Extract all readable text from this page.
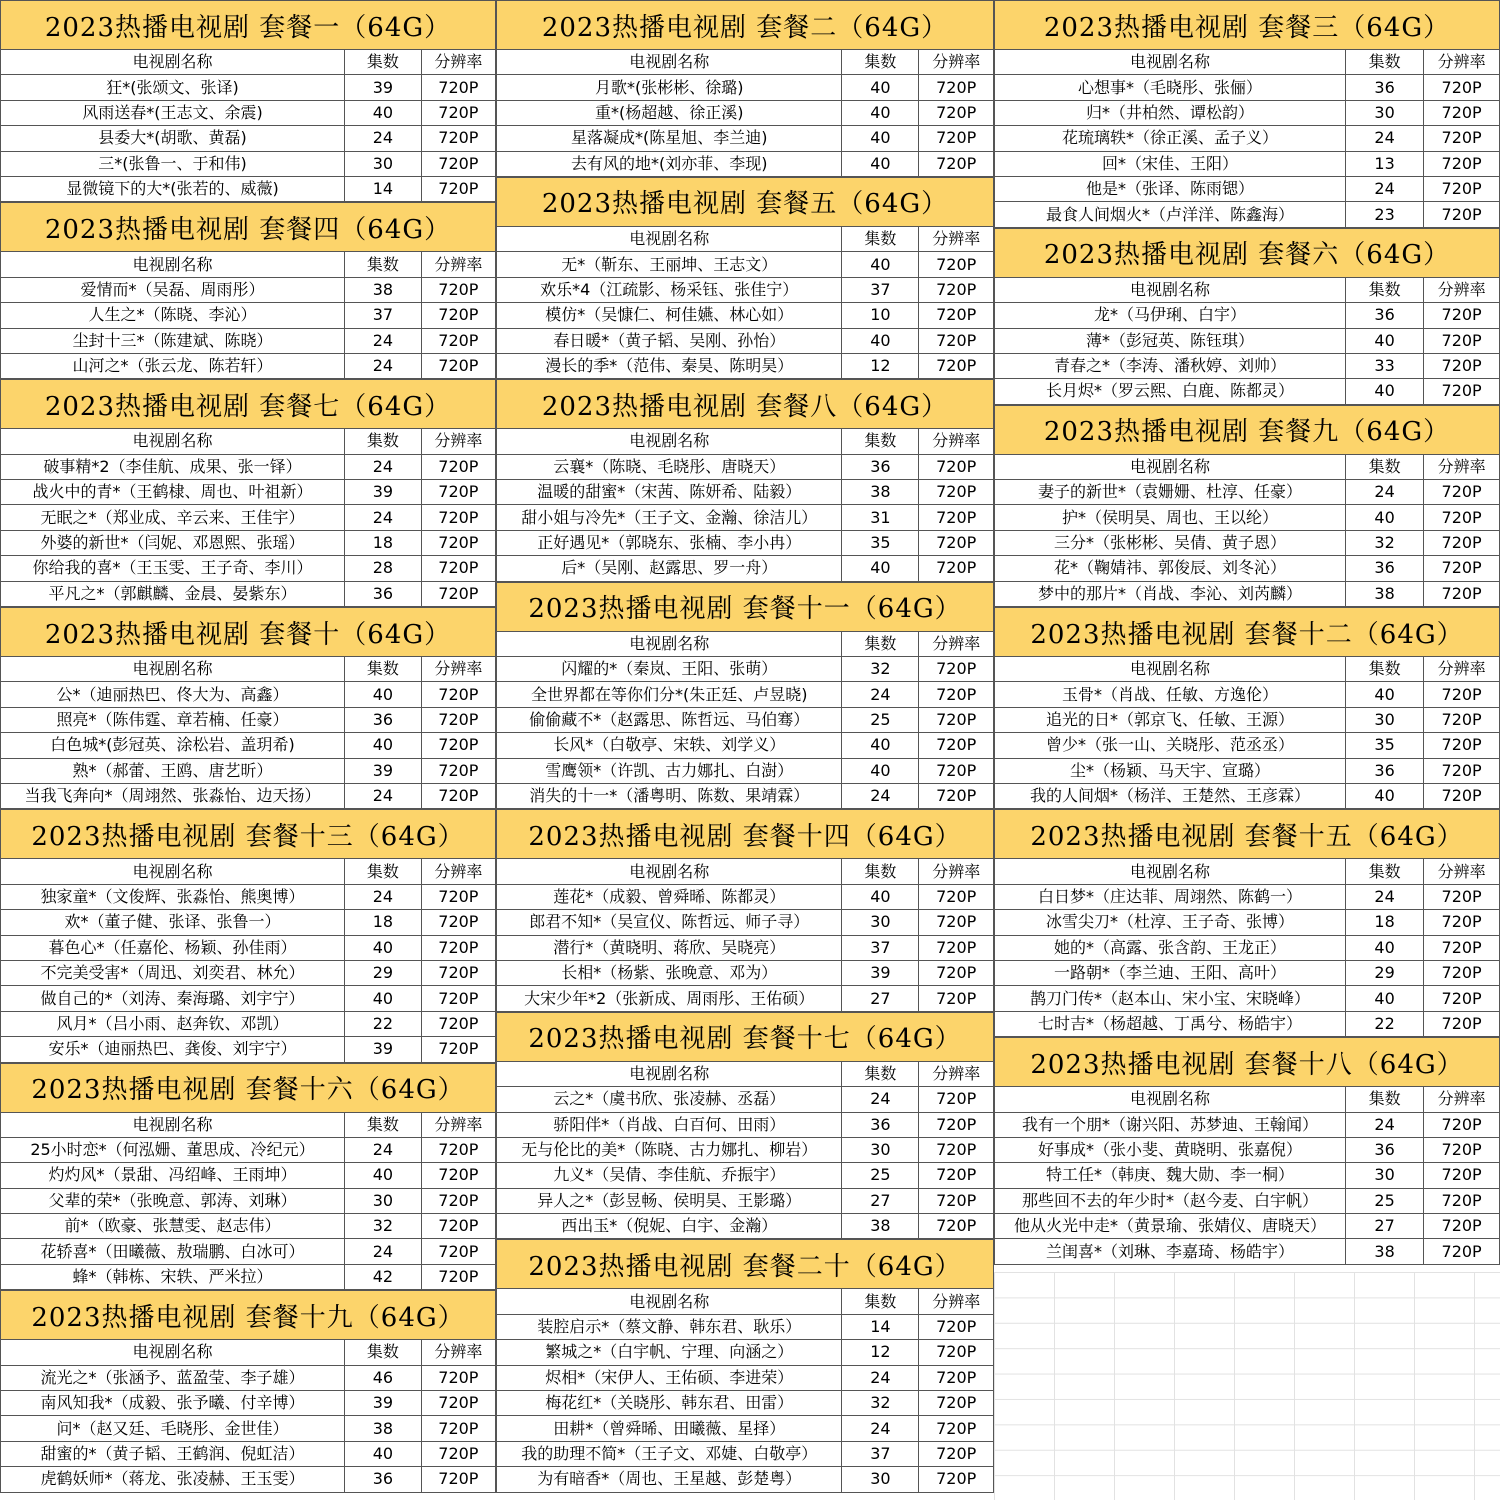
2023热播电视剧 套餐一（64G）
电视剧名称	集数	分辨率
狂*(张颂文、张译)	39	720P
风雨送春*(王志文、余震)	40	720P
县委大*(胡歌、黄磊)	24	720P
三*(张鲁一、于和伟)	30	720P
显微镜下的大*(张若的、威薇)	14	720P
2023热播电视剧 套餐四（64G）
电视剧名称	集数	分辨率
爱情而*（吴磊、周雨彤）	38	720P
人生之*（陈晓、李沁）	37	720P
尘封十三*（陈建斌、陈晓）	24	720P
山河之*（张云龙、陈若轩）	24	720P
2023热播电视剧 套餐七（64G）
电视剧名称	集数	分辨率
破事精*2（李佳航、成果、张一铎）	24	720P
战火中的青*（王鹤棣、周也、叶祖新）	39	720P
无眠之*（郑业成、辛云来、王佳宇）	24	720P
外婆的新世*（闫妮、邓恩熙、张瑶）	18	720P
你给我的喜*（王玉雯、王子奇、李川）	28	720P
平凡之*（郭麒麟、金晨、晏紫东）	36	720P
2023热播电视剧 套餐十（64G）
电视剧名称	集数	分辨率
公*（迪丽热巴、佟大为、高鑫）	40	720P
照亮*（陈伟霆、章若楠、任豪）	36	720P
白色城*(彭冠英、涂松岩、盖玥希)	40	720P
熟*（郝蕾、王鸥、唐艺昕）	39	720P
当我飞奔向*（周翊然、张淼怡、边天扬）	24	720P
2023热播电视剧 套餐十三（64G）
电视剧名称	集数	分辨率
独家童*（文俊辉、张淼怡、熊奥博）	24	720P
欢*（董子健、张译、张鲁一）	18	720P
暮色心*（任嘉伦、杨颖、孙佳雨）	40	720P
不完美受害*（周迅、刘奕君、林允）	29	720P
做自己的*（刘涛、秦海璐、刘宇宁）	40	720P
风月*（吕小雨、赵奔钦、邓凯）	22	720P
安乐*（迪丽热巴、龚俊、刘宇宁）	39	720P
2023热播电视剧 套餐十六（64G）
电视剧名称	集数	分辨率
25小时恋*（何泓姗、董思成、冷纪元）	24	720P
灼灼风*（景甜、冯绍峰、王雨坤）	40	720P
父辈的荣*（张晚意、郭涛、刘琳）	30	720P
前*（欧豪、张慧雯、赵志伟）	32	720P
花轿喜*（田曦薇、敖瑞鹏、白冰可）	24	720P
蜂*（韩栋、宋轶、严米拉）	42	720P
2023热播电视剧 套餐十九（64G）
电视剧名称	集数	分辨率
流光之*（张涵予、蓝盈莹、李子雄）	46	720P
南风知我*（成毅、张予曦、付辛博）	39	720P
问*（赵又廷、毛晓彤、金世佳）	38	720P
甜蜜的*（黄子韬、王鹤润、倪虹洁）	40	720P
虎鹤妖师*（蒋龙、张凌赫、王玉雯）	36	720P
2023热播电视剧 套餐二（64G）
电视剧名称	集数	分辨率
月歌*(张彬彬、徐璐)	40	720P
重*(杨超越、徐正溪)	40	720P
星落凝成*(陈星旭、李兰迪)	40	720P
去有风的地*(刘亦菲、李现)	40	720P
2023热播电视剧 套餐五（64G）
电视剧名称	集数	分辨率
无*（靳东、王丽坤、王志文）	40	720P
欢乐*4（江疏影、杨采钰、张佳宁）	37	720P
模仿*（吴慷仁、柯佳嬿、林心如）	10	720P
春日暖*（黄子韬、吴刚、孙怡）	40	720P
漫长的季*（范伟、秦昊、陈明昊）	12	720P
2023热播电视剧 套餐八（64G）
电视剧名称	集数	分辨率
云襄*（陈晓、毛晓彤、唐晓天）	36	720P
温暖的甜蜜*（宋茜、陈妍希、陆毅）	38	720P
甜小姐与冷先*（王子文、金瀚、徐洁儿）	31	720P
正好遇见*（郭晓东、张楠、李小冉）	35	720P
后*（吴刚、赵露思、罗一舟）	40	720P
2023热播电视剧 套餐十一（64G）
电视剧名称	集数	分辨率
闪耀的*（秦岚、王阳、张萌）	32	720P
全世界都在等你们分*(朱正廷、卢昱晓)	24	720P
偷偷藏不*（赵露思、陈哲远、马伯骞）	25	720P
长风*（白敬亭、宋轶、刘学义）	40	720P
雪鹰领*（许凯、古力娜扎、白澍）	40	720P
消失的十一*（潘粤明、陈数、果靖霖）	24	720P
2023热播电视剧 套餐十四（64G）
电视剧名称	集数	分辨率
莲花*（成毅、曾舜晞、陈都灵）	40	720P
郎君不知*（吴宣仪、陈哲远、师子寻）	30	720P
潜行*（黄晓明、蒋欣、吴晓亮）	37	720P
长相*（杨紫、张晚意、邓为）	39	720P
大宋少年*2（张新成、周雨彤、王佑硕）	27	720P
2023热播电视剧 套餐十七（64G）
电视剧名称	集数	分辨率
云之*（虞书欣、张凌赫、丞磊）	24	720P
骄阳伴*（肖战、白百何、田雨）	36	720P
无与伦比的美*（陈晓、古力娜扎、柳岩）	30	720P
九义*（吴倩、李佳航、乔振宇）	25	720P
异人之*（彭昱畅、侯明昊、王影璐）	27	720P
西出玉*（倪妮、白宇、金瀚）	38	720P
2023热播电视剧 套餐二十（64G）
电视剧名称	集数	分辨率
装腔启示*（蔡文静、韩东君、耿乐）	14	720P
繁城之*（白宇帆、宁理、向涵之）	12	720P
烬相*（宋伊人、王佑硕、李进荣）	24	720P
梅花红*（关晓彤、韩东君、田雷）	32	720P
田耕*（曾舜晞、田曦薇、星择）	24	720P
我的助理不简*（王子文、邓婕、白敬亭）	37	720P
为有暗香*（周也、王星越、彭楚粤）	30	720P
2023热播电视剧 套餐三（64G）
电视剧名称	集数	分辨率
心想事*（毛晓彤、张俪）	36	720P
归*（井柏然、谭松韵）	30	720P
花琉璃轶*（徐正溪、孟子义）	24	720P
回*（宋佳、王阳）	13	720P
他是*（张译、陈雨锶）	24	720P
最食人间烟火*（卢洋洋、陈鑫海）	23	720P
2023热播电视剧 套餐六（64G）
电视剧名称	集数	分辨率
龙*（马伊琍、白宇）	36	720P
薄*（彭冠英、陈钰琪）	40	720P
青春之*（李涛、潘秋婷、刘帅）	33	720P
长月烬*（罗云熙、白鹿、陈都灵）	40	720P
2023热播电视剧 套餐九（64G）
电视剧名称	集数	分辨率
妻子的新世*（袁姗姗、杜淳、任豪）	24	720P
护*（侯明昊、周也、王以纶）	40	720P
三分*（张彬彬、吴倩、黄子恩）	32	720P
花*（鞠婧祎、郭俊辰、刘冬沁）	36	720P
梦中的那片*（肖战、李沁、刘芮麟）	38	720P
2023热播电视剧 套餐十二（64G）
电视剧名称	集数	分辨率
玉骨*（肖战、任敏、方逸伦）	40	720P
追光的日*（郭京飞、任敏、王源）	30	720P
曾少*（张一山、关晓彤、范丞丞）	35	720P
尘*（杨颖、马天宇、宣璐）	36	720P
我的人间烟*（杨洋、王楚然、王彦霖）	40	720P
2023热播电视剧 套餐十五（64G）
电视剧名称	集数	分辨率
白日梦*（庄达菲、周翊然、陈鹤一）	24	720P
冰雪尖刀*（杜淳、王子奇、张博）	18	720P
她的*（高露、张含韵、王龙正）	40	720P
一路朝*（李兰迪、王阳、高叶）	29	720P
鹊刀门传*（赵本山、宋小宝、宋晓峰）	40	720P
七时吉*（杨超越、丁禹兮、杨皓宇）	22	720P
2023热播电视剧 套餐十八（64G）
电视剧名称	集数	分辨率
我有一个朋*（谢兴阳、苏梦迪、王翰闻）	24	720P
好事成*（张小斐、黄晓明、张嘉倪）	36	720P
特工任*（韩庚、魏大勋、李一桐）	30	720P
那些回不去的年少时*（赵今麦、白宇帆）	25	720P
他从火光中走*（黄景瑜、张婧仪、唐晓天）	27	720P
兰闺喜*（刘琳、李嘉琦、杨皓宇）	38	720P
